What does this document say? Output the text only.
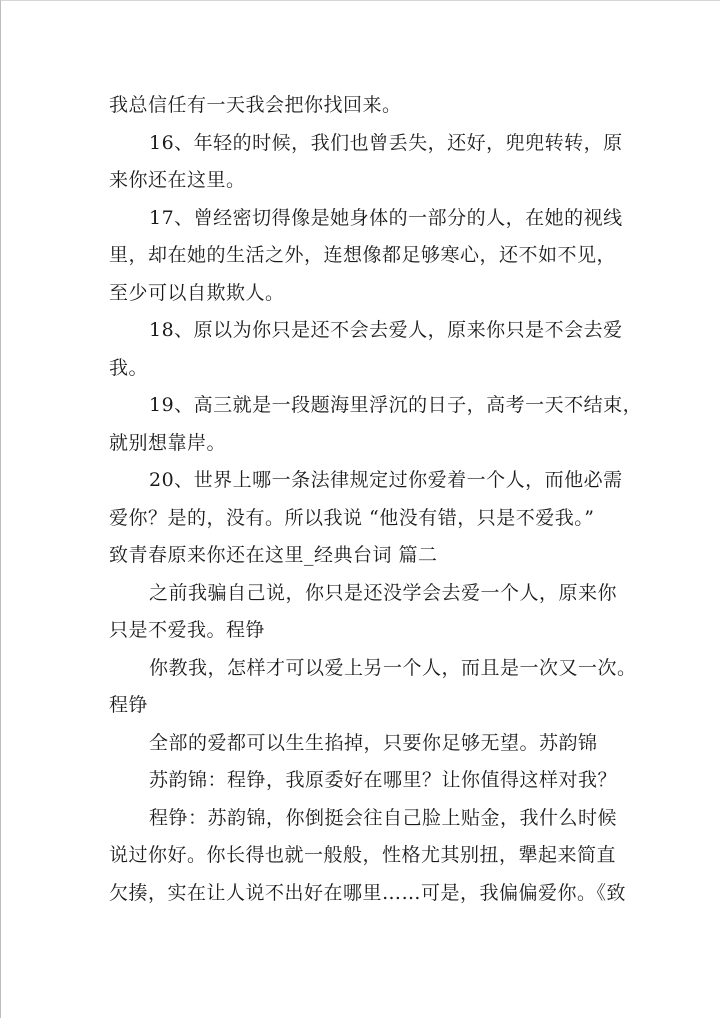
我总信任有一天我会把你找回来。
16、年轻的时候，我们也曾丢失，还好，兜兜转转，原
来你还在这里。
17、曾经密切得像是她身体的一部分的人，在她的视线
里，却在她的生活之外，连想像都足够寒心，还不如不见，
至少可以自欺欺人。
18、原以为你只是还不会去爱人，原来你只是不会去爱
我。
19、高三就是一段题海里浮沉的日子，高考一天不结束，
就别想靠岸。
20、世界上哪一条法律规定过你爱着一个人，而他必需
爱你？是的，没有。所以我说 “他没有错，只是不爱我。”
致青春原来你还在这里_经典台词 篇二
之前我骗自己说，你只是还没学会去爱一个人，原来你
只是不爱我。程铮
你教我，怎样才可以爱上另一个人，而且是一次又一次。
程铮
全部的爱都可以生生掐掉，只要你足够无望。苏韵锦
苏韵锦：程铮，我原委好在哪里？让你值得这样对我？
程铮：苏韵锦，你倒挺会往自己脸上贴金，我什么时候
说过你好。你长得也就一般般，性格尤其别扭，犟起来简直
欠揍，实在让人说不出好在哪里……可是，我偏偏爱你。《致
